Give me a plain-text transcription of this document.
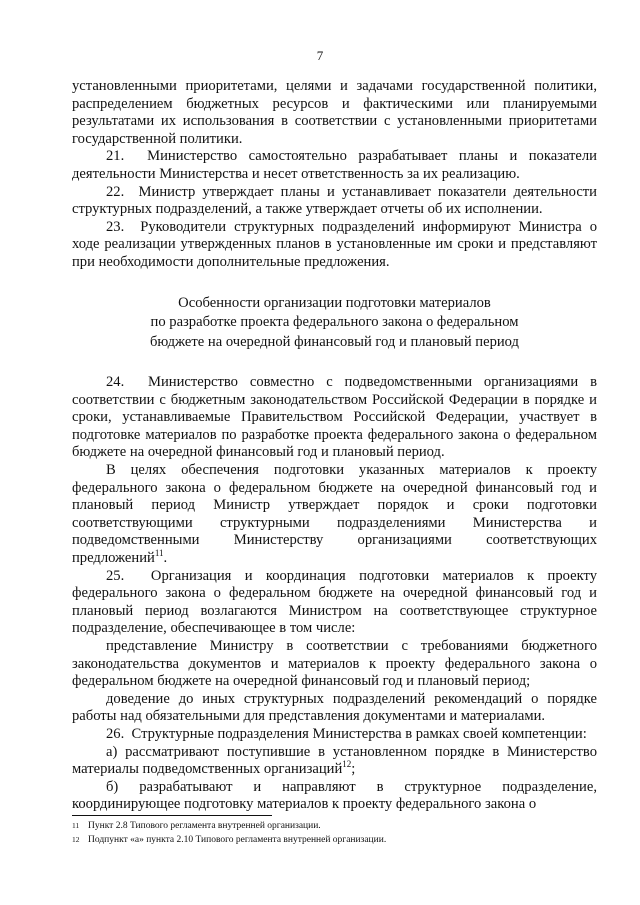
7

установленными приоритетами, целями и задачами государственной политики, распределением бюджетных ресурсов и фактическими или планируемыми результатами их использования в соответствии с установленными приоритетами государственной политики.

21.  Министерство самостоятельно разрабатывает планы и показатели деятельности Министерства и несет ответственность за их реализацию.

22.  Министр утверждает планы и устанавливает показатели деятельности структурных подразделений, а также утверждает отчеты об их исполнении.

23.  Руководители структурных подразделений информируют Министра о ходе реализации утвержденных планов в установленные им сроки и представляют при необходимости дополнительные предложения.

Особенности организации подготовки материалов
по разработке проекта федерального закона о федеральном
бюджете на очередной финансовый год и плановый период

24.  Министерство совместно с подведомственными организациями в соответствии с бюджетным законодательством Российской Федерации в порядке и сроки, устанавливаемые Правительством Российской Федерации, участвует в подготовке материалов по разработке проекта федерального закона о федеральном бюджете на очередной финансовый год и плановый период.

В целях обеспечения подготовки указанных материалов к проекту федерального закона о федеральном бюджете на очередной финансовый год и плановый период Министр утверждает порядок и сроки подготовки соответствующими структурными подразделениями Министерства и подведомственными Министерству организациями соответствующих предложений$^{11}$.

25.  Организация и координация подготовки материалов к проекту федерального закона о федеральном бюджете на очередной финансовый год и плановый период возлагаются Министром на соответствующее структурное подразделение, обеспечивающее в том числе:

представление Министру в соответствии с требованиями бюджетного законодательства документов и материалов к проекту федерального закона о федеральном бюджете на очередной финансовый год и плановый период;

доведение до иных структурных подразделений рекомендаций о порядке работы над обязательными для представления документами и материалами.

26.  Структурные подразделения Министерства в рамках своей компетенции:

а) рассматривают поступившие в установленном порядке в Министерство материалы подведомственных организаций$^{12}$;

б) разрабатывают и направляют в структурное подразделение, координирующее подготовку материалов к проекту федерального закона о

11 Пункт 2.8 Типового регламента внутренней организации.
12 Подпункт «а» пункта 2.10 Типового регламента внутренней организации.
